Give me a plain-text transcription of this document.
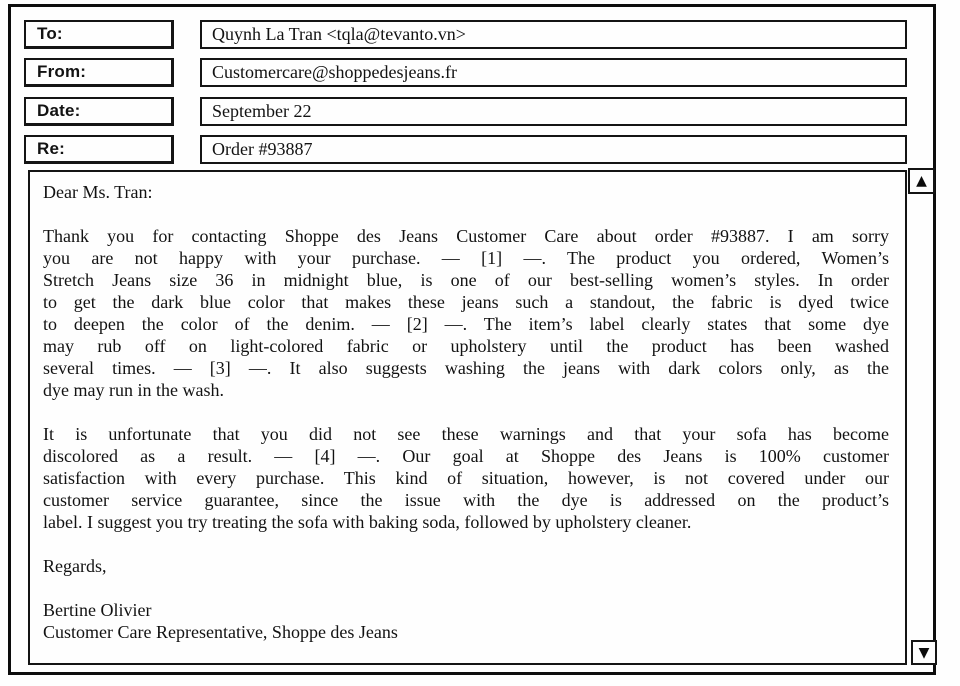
To:	Quynh La Tran <tqla@tevanto.vn>
From:	Customercare@shoppedesjeans.fr
Date:	September 22
Re:	Order #93887
Dear Ms. Tran:
Thank you for contacting Shoppe des Jeans Customer Care about order #93887. I am sorry
you are not happy with your purchase. — [1] —. The product you ordered, Women’s
Stretch Jeans size 36 in midnight blue, is one of our best-selling women’s styles. In order
to get the dark blue color that makes these jeans such a standout, the fabric is dyed twice
to deepen the color of the denim. — [2] —. The item’s label clearly states that some dye
may rub off on light-colored fabric or upholstery until the product has been washed
several times. — [3] —. It also suggests washing the jeans with dark colors only, as the
dye may run in the wash.
It is unfortunate that you did not see these warnings and that your sofa has become
discolored as a result. — [4] —. Our goal at Shoppe des Jeans is 100% customer
satisfaction with every purchase. This kind of situation, however, is not covered under our
customer service guarantee, since the issue with the dye is addressed on the product’s
label. I suggest you try treating the sofa with baking soda, followed by upholstery cleaner.
Regards,
Bertine Olivier
Customer Care Representative, Shoppe des Jeans
▲
▼
